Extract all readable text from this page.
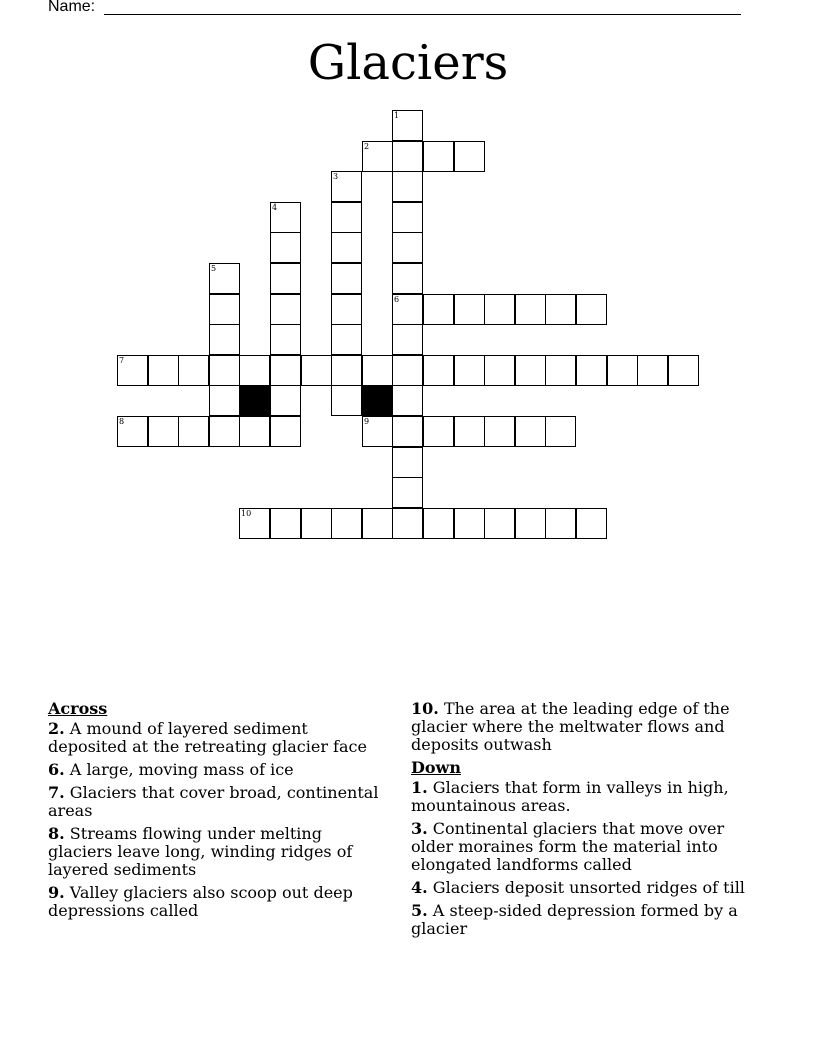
Name:
Glaciers
1
6
2
3
4
5
7
8	9
10
Across
2. A mound of layered sediment deposited at the retreating glacier face
6. A large, moving mass of ice
7. Glaciers that cover broad, continental areas
8. Streams flowing under melting glaciers leave long, winding ridges of layered sediments
9. Valley glaciers also scoop out deep depressions called
10. The area at the leading edge of the glacier where the meltwater flows and deposits outwash
Down
1. Glaciers that form in valleys in high, mountainous areas.
3. Continental glaciers that move over older moraines form the material into elongated landforms called
4. Glaciers deposit unsorted ridges of till
5. A steep-sided depression formed by a glacier
